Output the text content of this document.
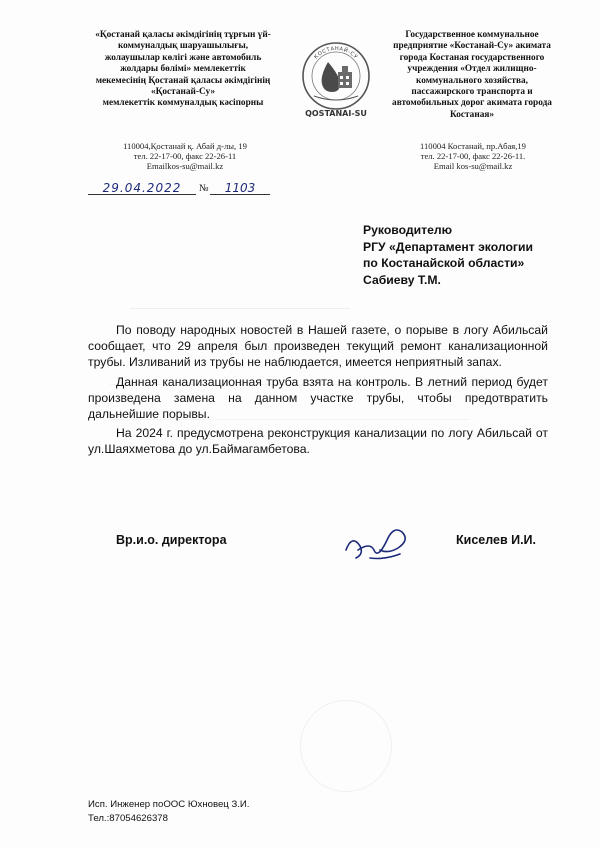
«Қостанай қаласы әкімдігінің тұрғын үй-
коммуналдық шаруашылығы,
жолаушылар көлігі және автомобиль
жолдары бөлімі» мемлекеттік
мекемесінің Қостанай қаласы әкімдігінің
«Қостанай-Су»
мемлекеттік коммуналдық кәсіпорны
110004,Қостанай қ. Абай д-лы, 19
тел. 22-17-00, факс 22-26-11
Emailkos-su@mail.kz
КОСТАНАЙ-СУ
QOSTANAI-SU
Государственное коммунальное
предприятие «Костанай-Су» акимата
города Костаная государственного
учреждения «Отдел жилищно-
коммунального хозяйства,
пассажирского транспорта и
автомобильных дорог акимата города
Костаная»
110004 Костанай, пр.Абая,19
тел. 22-17-00, факс 22-26-11.
Email kos-su@mail.kz
29.04.2022	№	1103
Руководителю
РГУ «Департамент экологии
по Костанайской области»
Сабиеву Т.М.

По поводу народных новостей в Нашей газете, о порыве в логу Абильсай сообщает, что 29 апреля был произведен текущий ремонт канализационной трубы. Изливаний из трубы не наблюдается, имеется неприятный запах.

Данная канализационная труба взята на контроль. В летний период будет произведена замена на данном участке трубы, чтобы предотвратить дальнейшие порывы.

На 2024 г. предусмотрена реконструкция канализации по логу Абильсай от ул.Шаяхметова до ул.Баймагамбетова.

Вр.и.о. директора	Киселев И.И.
Исп. Инженер поООС Юхновец З.И.
Тел.:87054626378
